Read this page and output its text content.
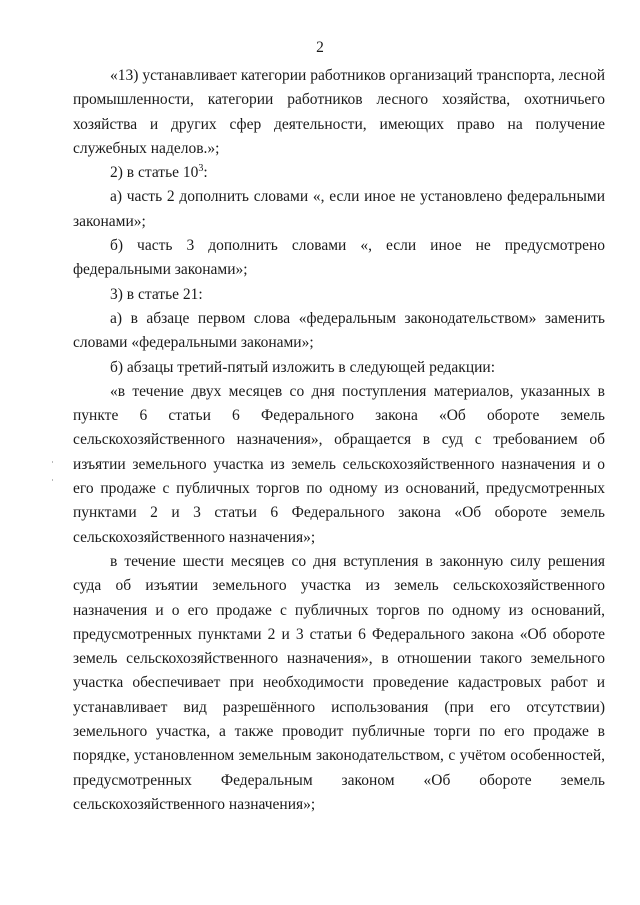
2

«13) устанавливает категории работников организаций транспорта, лесной промышленности, категории работников лесного хозяйства, охотничьего хозяйства и других сфер деятельности, имеющих право на получение служебных наделов.»;

2) в статье $10^3$:

а) часть 2 дополнить словами «, если иное не установлено федеральными законами»;

б) часть 3 дополнить словами «, если иное не предусмотрено федеральными законами»;

3) в статье 21:

а) в абзаце первом слова «федеральным законодательством» заменить словами «федеральными законами»;

б) абзацы третий-пятый изложить в следующей редакции:

«в течение двух месяцев со дня поступления материалов, указанных в пункте 6 статьи 6 Федерального закона «Об обороте земель сельскохозяйственного назначения», обращается в суд с требованием об изъятии земельного участка из земель сельскохозяйственного назначения и о его продаже с публичных торгов по одному из оснований, предусмотренных пунктами 2 и 3 статьи 6 Федерального закона «Об обороте земель сельскохозяйственного назначения»;

в течение шести месяцев со дня вступления в законную силу решения суда об изъятии земельного участка из земель сельскохозяйственного назначения и о его продаже с публичных торгов по одному из оснований, предусмотренных пунктами 2 и 3 статьи 6 Федерального закона «Об обороте земель сельскохозяйственного назначения», в отношении такого земельного участка обеспечивает при необходимости проведение кадастровых работ и устанавливает вид разрешённого использования (при его отсутствии) земельного участка, а также проводит публичные торги по его продаже в порядке, установленном земельным законодательством, с учётом особенностей, предусмотренных Федеральным законом «Об обороте земель сельскохозяйственного назначения»;
